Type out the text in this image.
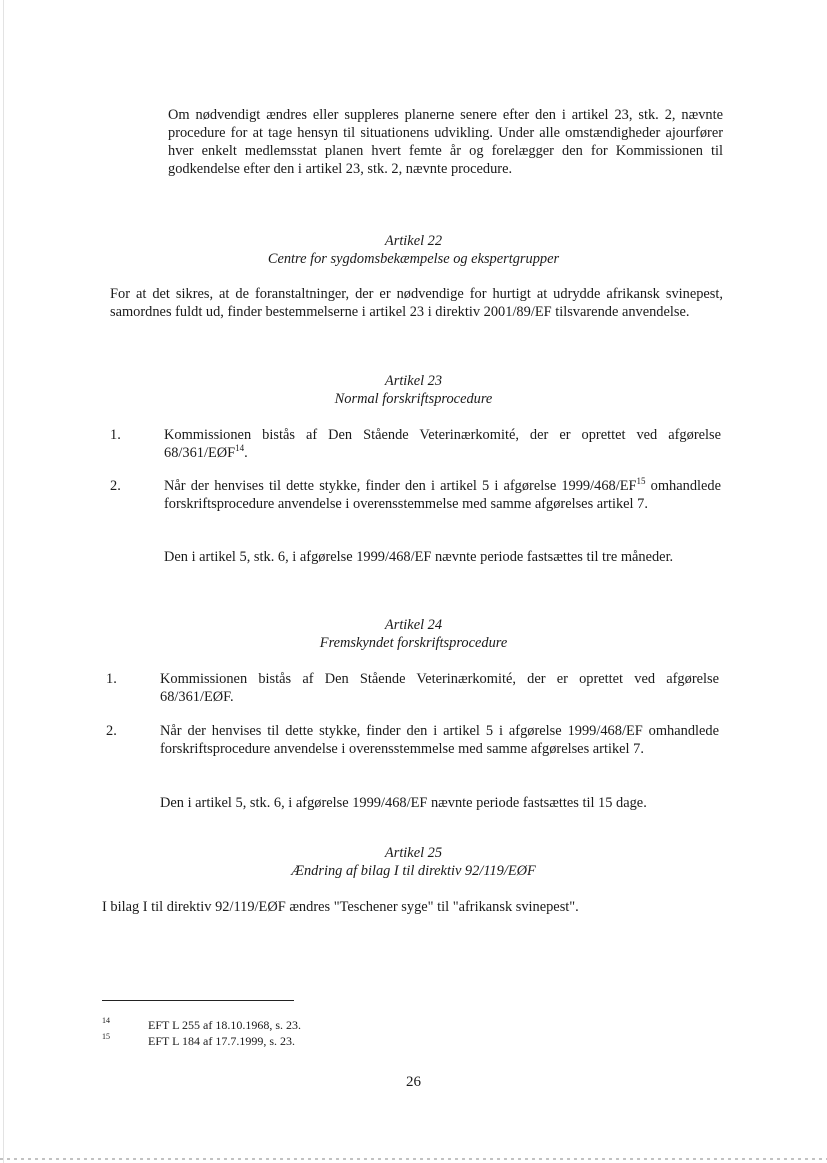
Om nødvendigt ændres eller suppleres planerne senere efter den i artikel 23, stk. 2, nævnte procedure for at tage hensyn til situationens udvikling. Under alle omstændigheder ajourfører hver enkelt medlemsstat planen hvert femte år og forelægger den for Kommissionen til godkendelse efter den i artikel 23, stk. 2, nævnte procedure.

Artikel 22
Centre for sygdomsbekæmpelse og ekspertgrupper

For at det sikres, at de foranstaltninger, der er nødvendige for hurtigt at udrydde afrikansk svinepest, samordnes fuldt ud, finder bestemmelserne i artikel 23 i direktiv 2001/89/EF tilsvarende anvendelse.

Artikel 23
Normal forskriftsprocedure
1.	Kommissionen bistås af Den Stående Veterinærkomité, der er oprettet ved afgørelse 68/361/EØF$^{14}$.

2.	Når der henvises til dette stykke, finder den i artikel 5 i afgørelse 1999/468/EF$^{15}$ omhandlede forskriftsprocedure anvendelse i overensstemmelse med samme afgørelses artikel 7.

Den i artikel 5, stk. 6, i afgørelse 1999/468/EF nævnte periode fastsættes til tre måneder.

Artikel 24
Fremskyndet forskriftsprocedure
1.	Kommissionen bistås af Den Stående Veterinærkomité, der er oprettet ved afgørelse 68/361/EØF.

2.	Når der henvises til dette stykke, finder den i artikel 5 i afgørelse 1999/468/EF omhandlede forskriftsprocedure anvendelse i overensstemmelse med samme afgørelses artikel 7.

Den i artikel 5, stk. 6, i afgørelse 1999/468/EF nævnte periode fastsættes til 15 dage.

Artikel 25
Ændring af bilag I til direktiv 92/119/EØF

I bilag I til direktiv 92/119/EØF ændres "Teschener syge" til "afrikansk svinepest".

14	EFT L 255 af 18.10.1968, s. 23.
15	EFT L 184 af 17.7.1999, s. 23.
26
